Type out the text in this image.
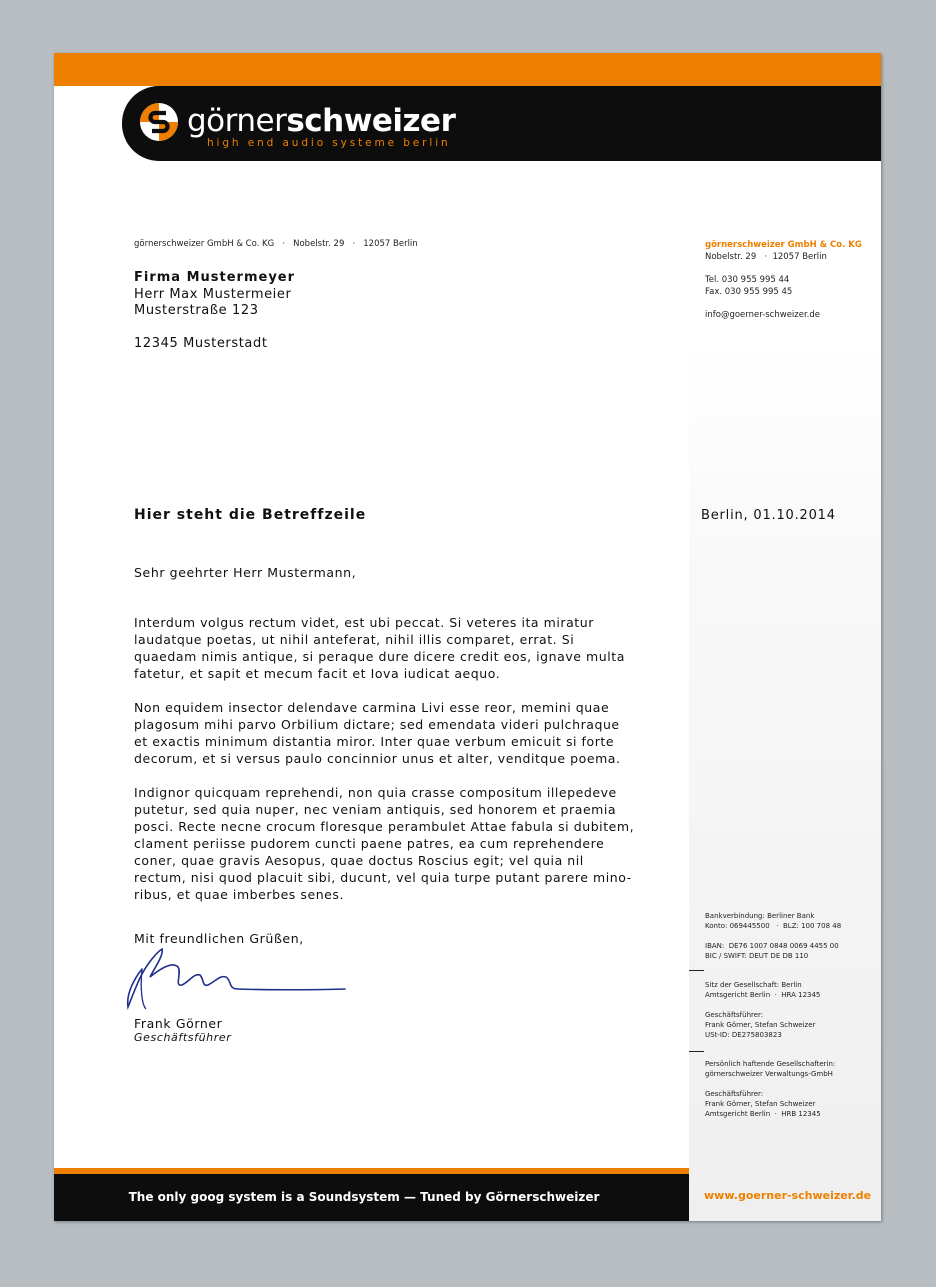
görnerschweizer
high end audio systeme berlin
görnerschweizer GmbH & Co. KG   ·   Nobelstr. 29   ·   12057 Berlin
Firma Mustermeyer
Herr Max Mustermeier
Musterstraße 123
12345 Musterstadt
görnerschweizer GmbH & Co. KG
Nobelstr. 29   ·  12057 Berlin
Tel. 030 955 995 44
Fax. 030 955 995 45
info@goerner-schweizer.de
Hier steht die Betreffzeile	Berlin, 01.10.2014
Sehr geehrter Herr Mustermann,

Interdum volgus rectum videt, est ubi peccat. Si veteres ita miratur
laudatque poetas, ut nihil anteferat, nihil illis comparet, errat. Si
quaedam nimis antique, si peraque dure dicere credit eos, ignave multa
fatetur, et sapit et mecum facit et Iova iudicat aequo.

Non equidem insector delendave carmina Livi esse reor, memini quae
plagosum mihi parvo Orbilium dictare; sed emendata videri pulchraque
et exactis minimum distantia miror. Inter quae verbum emicuit si forte
decorum, et si versus paulo concinnior unus et alter, venditque poema.

Indignor quicquam reprehendi, non quia crasse compositum illepedeve
putetur, sed quia nuper, nec veniam antiquis, sed honorem et praemia
posci. Recte necne crocum floresque perambulet Attae fabula si dubitem,
clament periisse pudorem cuncti paene patres, ea cum reprehendere
coner, quae gravis Aesopus, quae doctus Roscius egit; vel quia nil
rectum, nisi quod placuit sibi, ducunt, vel quia turpe putant parere mino-
ribus, et quae imberbes senes.

Mit freundlichen Grüßen,
Frank Görner
Geschäftsführer
Bankverbindung: Berliner Bank
Konto: 069445500   ·  BLZ: 100 708 48
IBAN:  DE76 1007 0848 0069 4455 00
BIC / SWIFT: DEUT DE DB 110
Sitz der Gesellschaft: Berlin
Amtsgericht Berlin  ·  HRA 12345
Geschäftsführer:
Frank Görner, Stefan Schweizer
USt-ID: DE275803823
Persönlich haftende Gesellschafterin:
görnerschweizer Verwaltungs-GmbH
Geschäftsführer:
Frank Görner, Stefan Schweizer
Amtsgericht Berlin  ·  HRB 12345
The only goog system is a Soundsystem — Tuned by Görnerschweizer	www.goerner-schweizer.de
